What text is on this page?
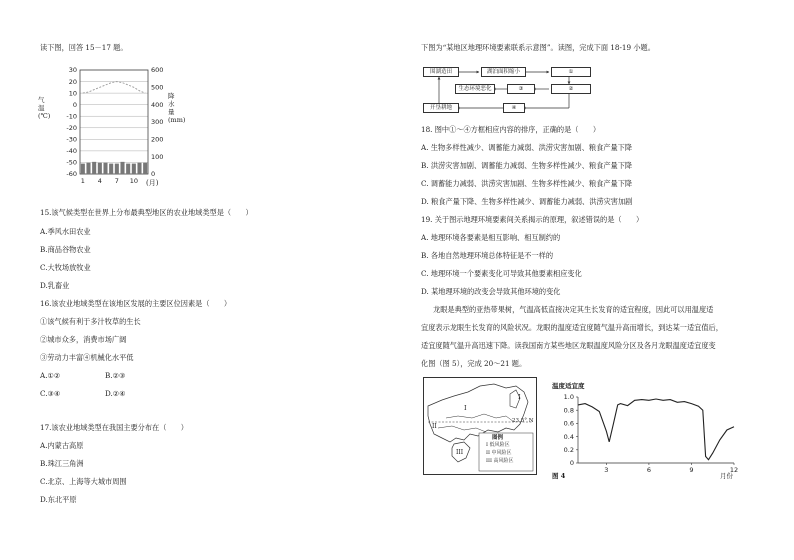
读下图，回答 15－17 题。
30
20
10
0
-10
-20
-30
-40
-50
-60
600
500
400
300
200
100
0
1 4 7 10
气温(℃)
降水量(mm)
(月)
15.该气候类型在世界上分布最典型地区的农业地域类型是（　　）
A.季风水田农业
B.商品谷物农业
C.大牧场放牧业
D.乳畜业
16.该农业地域类型在该地区发展的主要区位因素是（　　）
①该气候有利于多汁牧草的生长
②城市众多，消费市场广阔
③劳动力丰富④机械化水平低
A.①②	B.②③
C.③④	D.②④
17.该农业地域类型在我国主要分布在（　　）
A.内蒙古高原
B.珠江三角洲
C.北京、上海等大城市周围
D.东北平原
下图为“某地区地理环境要素联系示意图”。读图，完成下面 18-19 小题。
围湖造田	湖泊面积缩小	①
生态环境恶化	③	②
开垦耕地	④
18. 图中①～④方框相应内容的排序，正确的是（　　）
A. 生物多样性减少、调蓄能力减弱、洪涝灾害加剧、粮食产量下降
B. 洪涝灾害加剧、调蓄能力减弱、生物多样性减少、粮食产量下降
C. 调蓄能力减弱、洪涝灾害加剧、生物多样性减少、粮食产量下降
D. 粮食产量下降、生物多样性减少、调蓄能力减弱、洪涝灾害加剧
19. 关于图示地理环境要素间关系揭示的原理，叙述错误的是（　　）
A. 地理环境各要素是相互影响、相互制约的
B. 各地自然地理环境总体特征是不一样的
C. 地理环境一个要素变化可导致其他要素相应变化
D. 某地理环境的改变会导致其他环境的变化
龙眼是典型的亚热带果树，气温高低直接决定其生长发育的适宜程度，因此可以用温度适
宜度表示龙眼生长发育的风险状况。龙眼的温度适宜度随气温升高而增长，到达某一适宜值后，
适宜度随气温升高迅速下降。读我国南方某些地区龙眼温度风险分区及各月龙眼温度适宜度变
化图（图 5），完成 20～21 题。
I
I
II
III
23.5° N
图例
I 低风险区
II 中风险区
III 高风险区
温度适宜度
1.0
0.8
0.6
0.4
0.2
0
3	6	9	12
月份
图 4
